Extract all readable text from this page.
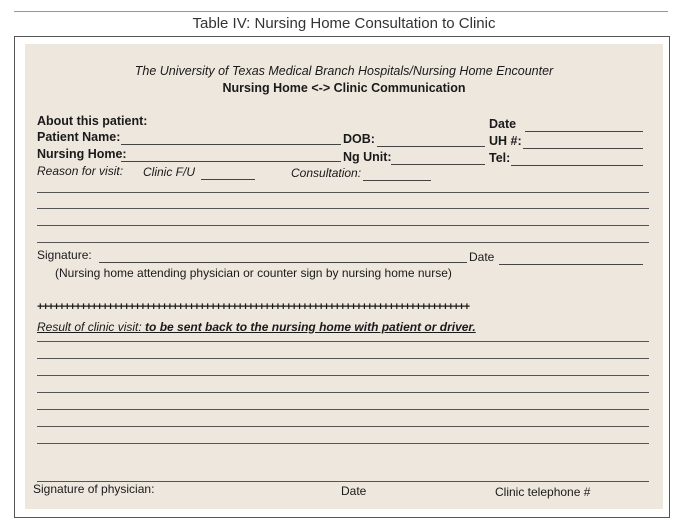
Table IV: Nursing Home Consultation to Clinic
The University of Texas Medical Branch Hospitals/Nursing Home Encounter
Nursing Home <-> Clinic Communication
About this patient:
Patient Name:	DOB:
Nursing Home:	Ng Unit:
Date
UH #:
Tel:
Reason for visit: Clinic F/U	Consultation:
Signature:	Date
(Nursing home attending physician or counter sign by nursing home nurse)
++++++++++++++++++++++++++++++++++++++++++++++++++++++++++++++++++++++++++++++++
Result of clinic visit: to be sent back to the nursing home with patient or driver.
Signature of physician:	Date	Clinic telephone #
